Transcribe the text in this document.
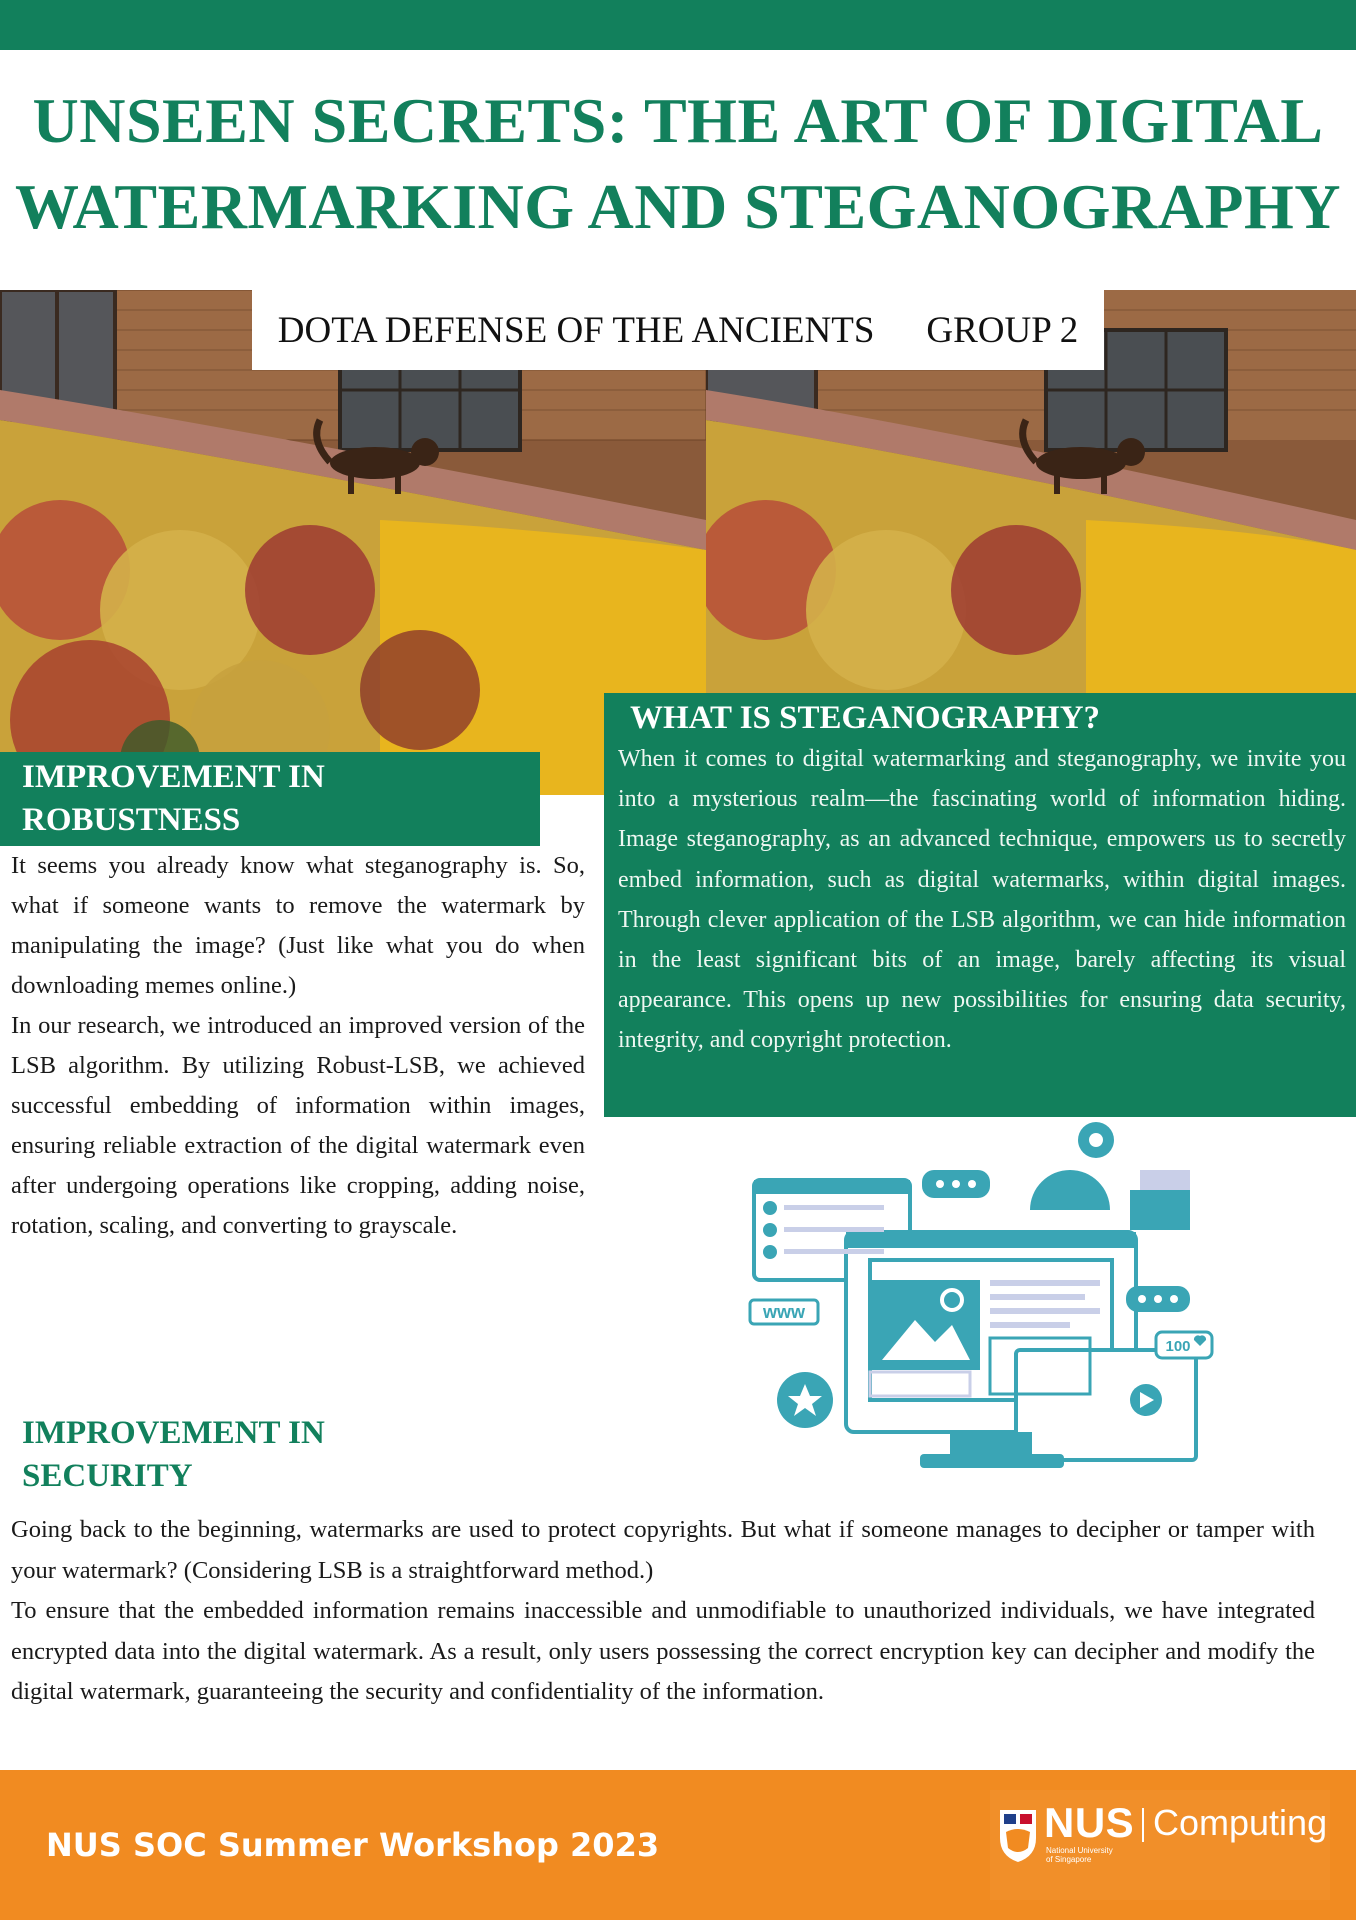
UNSEEN SECRETS: THE ART OF DIGITAL
WATERMARKING AND STEGANOGRAPHY
DOTA DEFENSE OF THE ANCIENTS GROUP 2
WHAT IS STEGANOGRAPHY?

When it comes to digital watermarking and steganography, we invite you into a mysterious realm—the fascinating world of information hiding. Image steganography, as an advanced technique, empowers us to secretly embed information, such as digital watermarks, within digital images. Through clever application of the LSB algorithm, we can hide information in the least significant bits of an image, barely affecting its visual appearance. This opens up new possibilities for ensuring data security, integrity, and copyright protection.

IMPROVEMENT IN
ROBUSTNESS

It seems you already know what steganography is. So, what if someone wants to remove the watermark by manipulating the image? (Just like what you do when downloading memes online.)

In our research, we introduced an improved version of the LSB algorithm. By utilizing Robust-LSB, we achieved successful embedding of information within images, ensuring reliable extraction of the digital watermark even after undergoing operations like cropping, adding noise, rotation, scaling, and converting to grayscale.

www
100
IMPROVEMENT IN
SECURITY

Going back to the beginning, watermarks are used to protect copyrights. But what if someone manages to decipher or tamper with your watermark? (Considering LSB is a straightforward method.)

To ensure that the embedded information remains inaccessible and unmodifiable to unauthorized individuals, we have integrated encrypted data into the digital watermark. As a result, only users possessing the correct encryption key can decipher and modify the digital watermark, guaranteeing the security and confidentiality of the information.

NUS SOC Summer Workshop 2023	NUS
National University of Singapore
Computing
